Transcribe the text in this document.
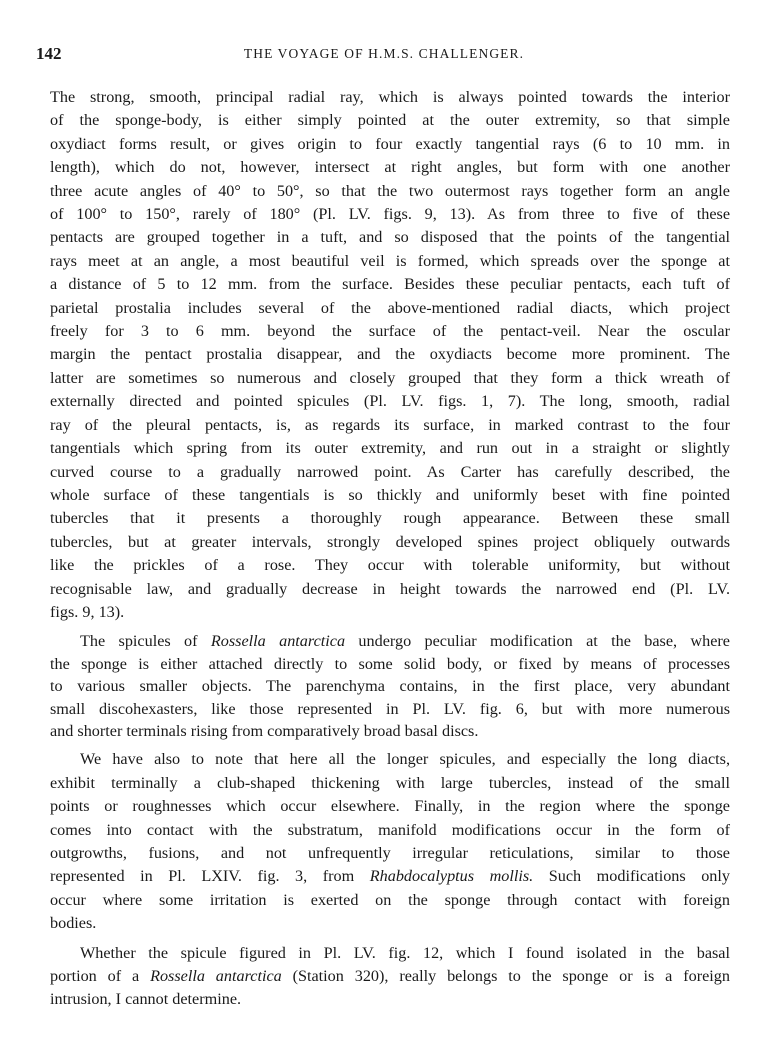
142	THE VOYAGE OF H.M.S. CHALLENGER.
The strong, smooth, principal radial ray, which is always pointed towards the interior
of the sponge-body, is either simply pointed at the outer extremity, so that simple
oxydiact forms result, or gives origin to four exactly tangential rays (6 to 10 mm. in
length), which do not, however, intersect at right angles, but form with one another
three acute angles of 40° to 50°, so that the two outermost rays together form an angle
of 100° to 150°, rarely of 180° (Pl. LV. figs. 9, 13). As from three to five of these
pentacts are grouped together in a tuft, and so disposed that the points of the tangential
rays meet at an angle, a most beautiful veil is formed, which spreads over the sponge at
a distance of 5 to 12 mm. from the surface. Besides these peculiar pentacts, each tuft of
parietal prostalia includes several of the above-mentioned radial diacts, which project
freely for 3 to 6 mm. beyond the surface of the pentact-veil. Near the oscular
margin the pentact prostalia disappear, and the oxydiacts become more prominent. The
latter are sometimes so numerous and closely grouped that they form a thick wreath of
externally directed and pointed spicules (Pl. LV. figs. 1, 7). The long, smooth, radial
ray of the pleural pentacts, is, as regards its surface, in marked contrast to the four
tangentials which spring from its outer extremity, and run out in a straight or slightly
curved course to a gradually narrowed point. As Carter has carefully described, the
whole surface of these tangentials is so thickly and uniformly beset with fine pointed
tubercles that it presents a thoroughly rough appearance. Between these small
tubercles, but at greater intervals, strongly developed spines project obliquely outwards
like the prickles of a rose. They occur with tolerable uniformity, but without
recognisable law, and gradually decrease in height towards the narrowed end (Pl. LV.
figs. 9, 13).
The spicules of Rossella antarctica undergo peculiar modification at the base, where
the sponge is either attached directly to some solid body, or fixed by means of processes
to various smaller objects. The parenchyma contains, in the first place, very abundant
small discohexasters, like those represented in Pl. LV. fig. 6, but with more numerous
and shorter terminals rising from comparatively broad basal discs.
We have also to note that here all the longer spicules, and especially the long diacts,
exhibit terminally a club-shaped thickening with large tubercles, instead of the small
points or roughnesses which occur elsewhere. Finally, in the region where the sponge
comes into contact with the substratum, manifold modifications occur in the form of
outgrowths, fusions, and not unfrequently irregular reticulations, similar to those
represented in Pl. LXIV. fig. 3, from Rhabdocalyptus mollis. Such modifications only
occur where some irritation is exerted on the sponge through contact with foreign
bodies.
Whether the spicule figured in Pl. LV. fig. 12, which I found isolated in the basal
portion of a Rossella antarctica (Station 320), really belongs to the sponge or is a foreign
intrusion, I cannot determine.
